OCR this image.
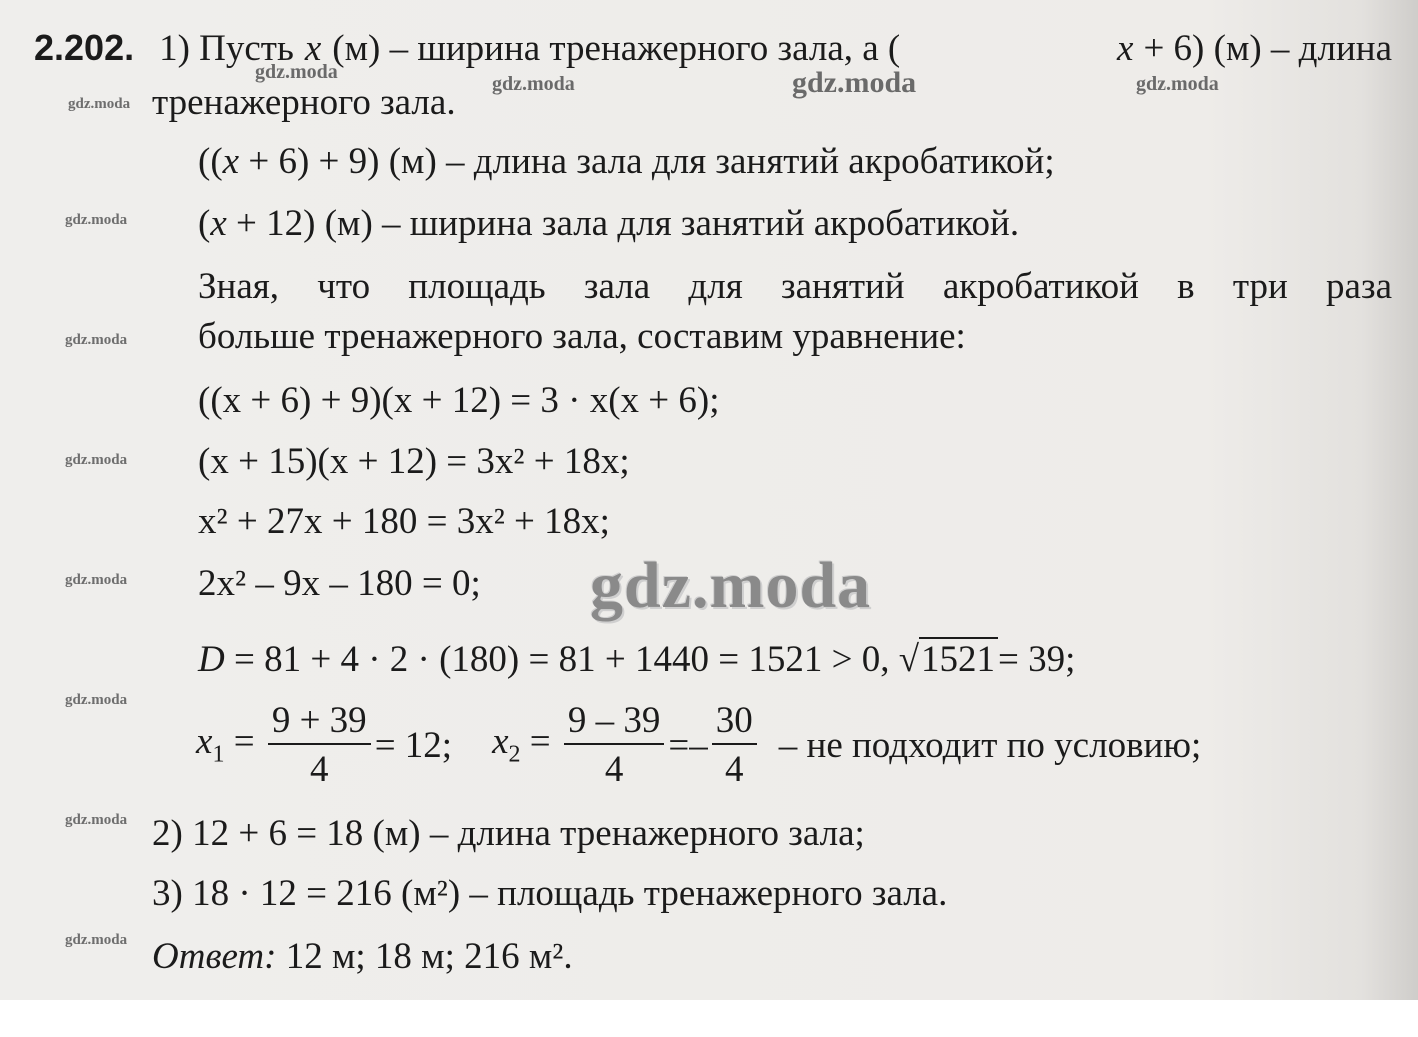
gdz.moda
gdz.moda	gdz.moda	gdz.moda
gdz.moda
gdz.moda
gdz.moda
gdz.moda
gdz.moda
gdz.moda
gdz.moda
gdz.moda
gdz.moda
2.202. 1) Пусть x (м) – ширина тренажерного зала, а (	x + 6) (м) – длина
тренажерного зала.
((x + 6) + 9) (м) – длина зала для занятий акробатикой;
(x + 12) (м) – ширина зала для занятий акробатикой.
Зная, что площадь зала для занятий акробатикой в три раза
больше тренажерного зала, составим уравнение:
((x + 6) + 9)(x + 12) = 3 · x(x + 6);
(x + 15)(x + 12) = 3x² + 18x;
x² + 27x + 180 = 3x² + 18x;
2x² – 9x – 180 = 0;
D = 81 + 4 · 2 · (180) = 81 + 1440 = 1521 > 0, √1521= 39;
$x_1 = \frac{9 + 39}{4} = 12$; $x_2 = \frac{9 - 39}{4} =- \frac{30}{4}$ – не подходит по условию;
2) 12 + 6 = 18 (м) – длина тренажерного зала;
3) 18 · 12 = 216 (м²) – площадь тренажерного зала.
Ответ: 12 м; 18 м; 216 м².
